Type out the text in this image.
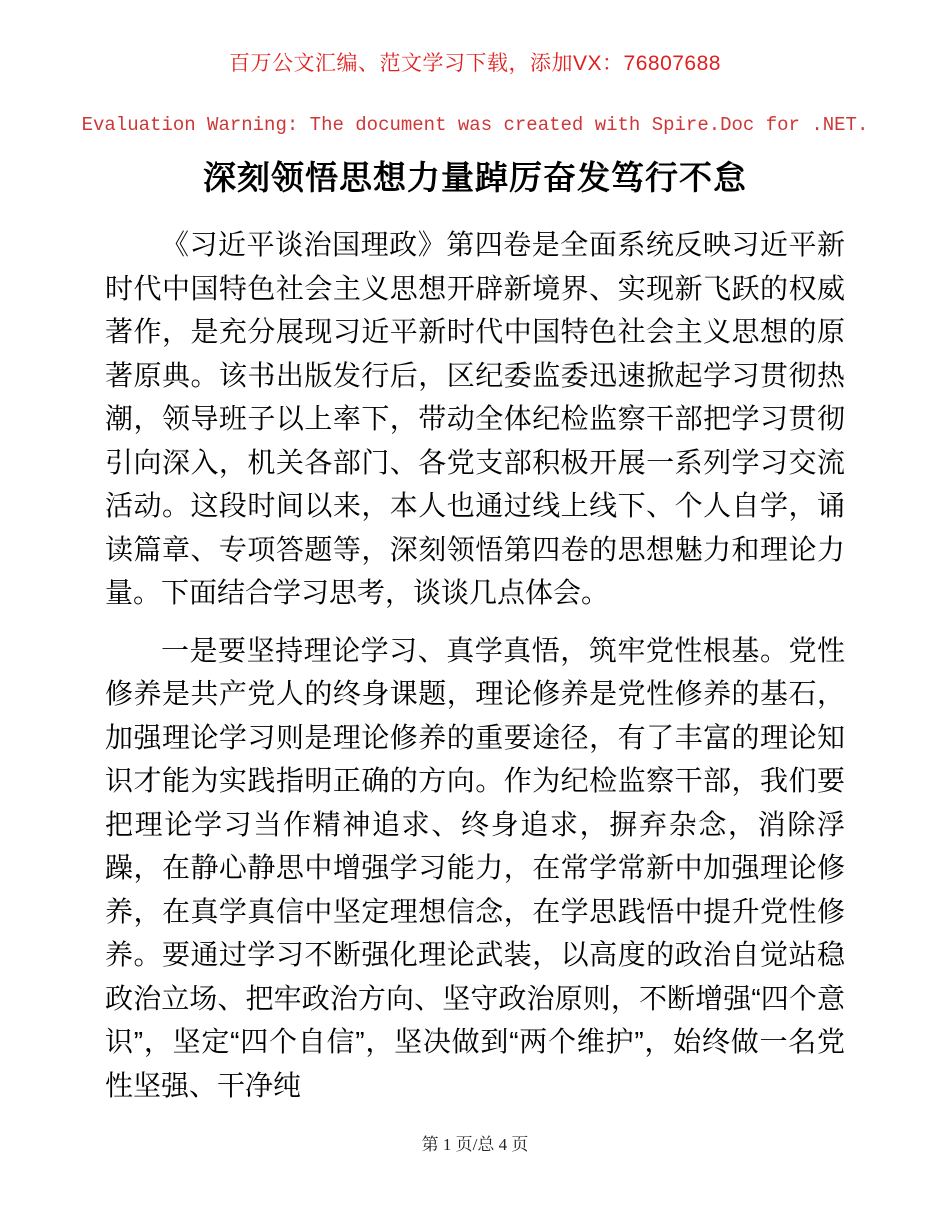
百万公文汇编、范文学习下载，添加VX：76807688
Evaluation Warning: The document was created with Spire.Doc for .NET.
深刻领悟思想力量踔厉奋发笃行不怠

《习近平谈治国理政》第四卷是全面系统反映习近平新时代中国特色社会主义思想开辟新境界、实现新飞跃的权威著作，是充分展现习近平新时代中国特色社会主义思想的原著原典。该书出版发行后，区纪委监委迅速掀起学习贯彻热潮，领导班子以上率下，带动全体纪检监察干部把学习贯彻引向深入，机关各部门、各党支部积极开展一系列学习交流活动。这段时间以来，本人也通过线上线下、个人自学，诵读篇章、专项答题等，深刻领悟第四卷的思想魅力和理论力量。下面结合学习思考，谈谈几点体会。

一是要坚持理论学习、真学真悟，筑牢党性根基。党性修养是共产党人的终身课题，理论修养是党性修养的基石，加强理论学习则是理论修养的重要途径，有了丰富的理论知识才能为实践指明正确的方向。作为纪检监察干部，我们要把理论学习当作精神追求、终身追求，摒弃杂念，消除浮躁，在静心静思中增强学习能力，在常学常新中加强理论修养，在真学真信中坚定理想信念，在学思践悟中提升党性修养。要通过学习不断强化理论武装，以高度的政治自觉站稳政治立场、把牢政治方向、坚守政治原则，不断增强“四个意识”，坚定“四个自信”，坚决做到“两个维护”，始终做一名党性坚强、干净纯

第 1 页/总 4 页
